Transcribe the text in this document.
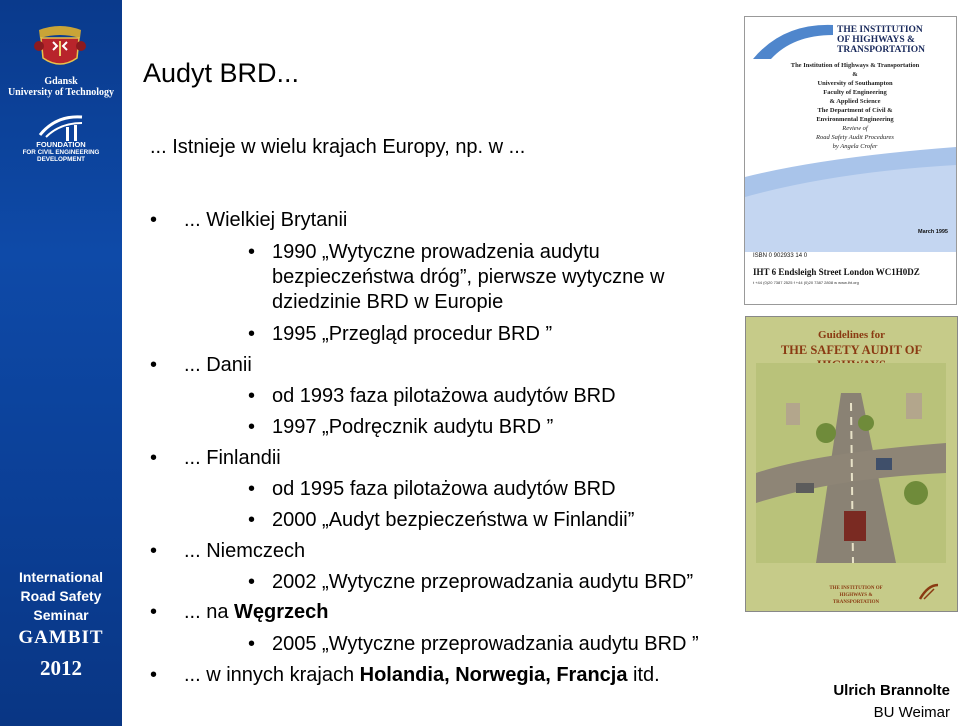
Gdansk
University of Technology
FOUNDATION
FOR CIVIL ENGINEERING DEVELOPMENT
International
Road Safety
Seminar
GAMBIT
2012
Audyt BRD...
... Istnieje w wielu krajach Europy, np. w ...
• ... Wielkiej Brytanii
• 1990 „Wytyczne prowadzenia audytu
bezpieczeństwa dróg”, pierwsze wytyczne w
dziedzinie BRD w Europie
• 1995 „Przegląd procedur BRD ”
• ... Danii
• od 1993 faza pilotażowa audytów BRD
• 1997 „Podręcznik audytu BRD ”
• ... Finlandii
• od 1995 faza pilotażowa audytów BRD
• 2000 „Audyt bezpieczeństwa w Finlandii”
• ... Niemczech
• 2002 „Wytyczne przeprowadzania audytu BRD”
• ... na Węgrzech
• 2005 „Wytyczne przeprowadzania audytu BRD ”
• ... w innych krajach Holandia, Norwegia, Francja itd.
THE INSTITUTION
OF HIGHWAYS &
TRANSPORTATION
The Institution of Highways & Transportation
&
University of Southampton
Faculty of Engineering
& Applied Science
The Department of Civil &
Environmental Engineering
Review of
Road Safety Audit Procedures
by Angela Crofer
March 1995
ISBN 0 902933 14 0
IHT 6 Endsleigh Street London WC1H0DZ
t +44 (0)20 7387 2525 f +44 (0)20 7387 2808 w www.iht.org
Guidelines for
THE SAFETY AUDIT OF
THE INSTITUTION OF
HIGHWAYS & TRANSPORTATION
Ulrich Brannolte
BU Weimar
